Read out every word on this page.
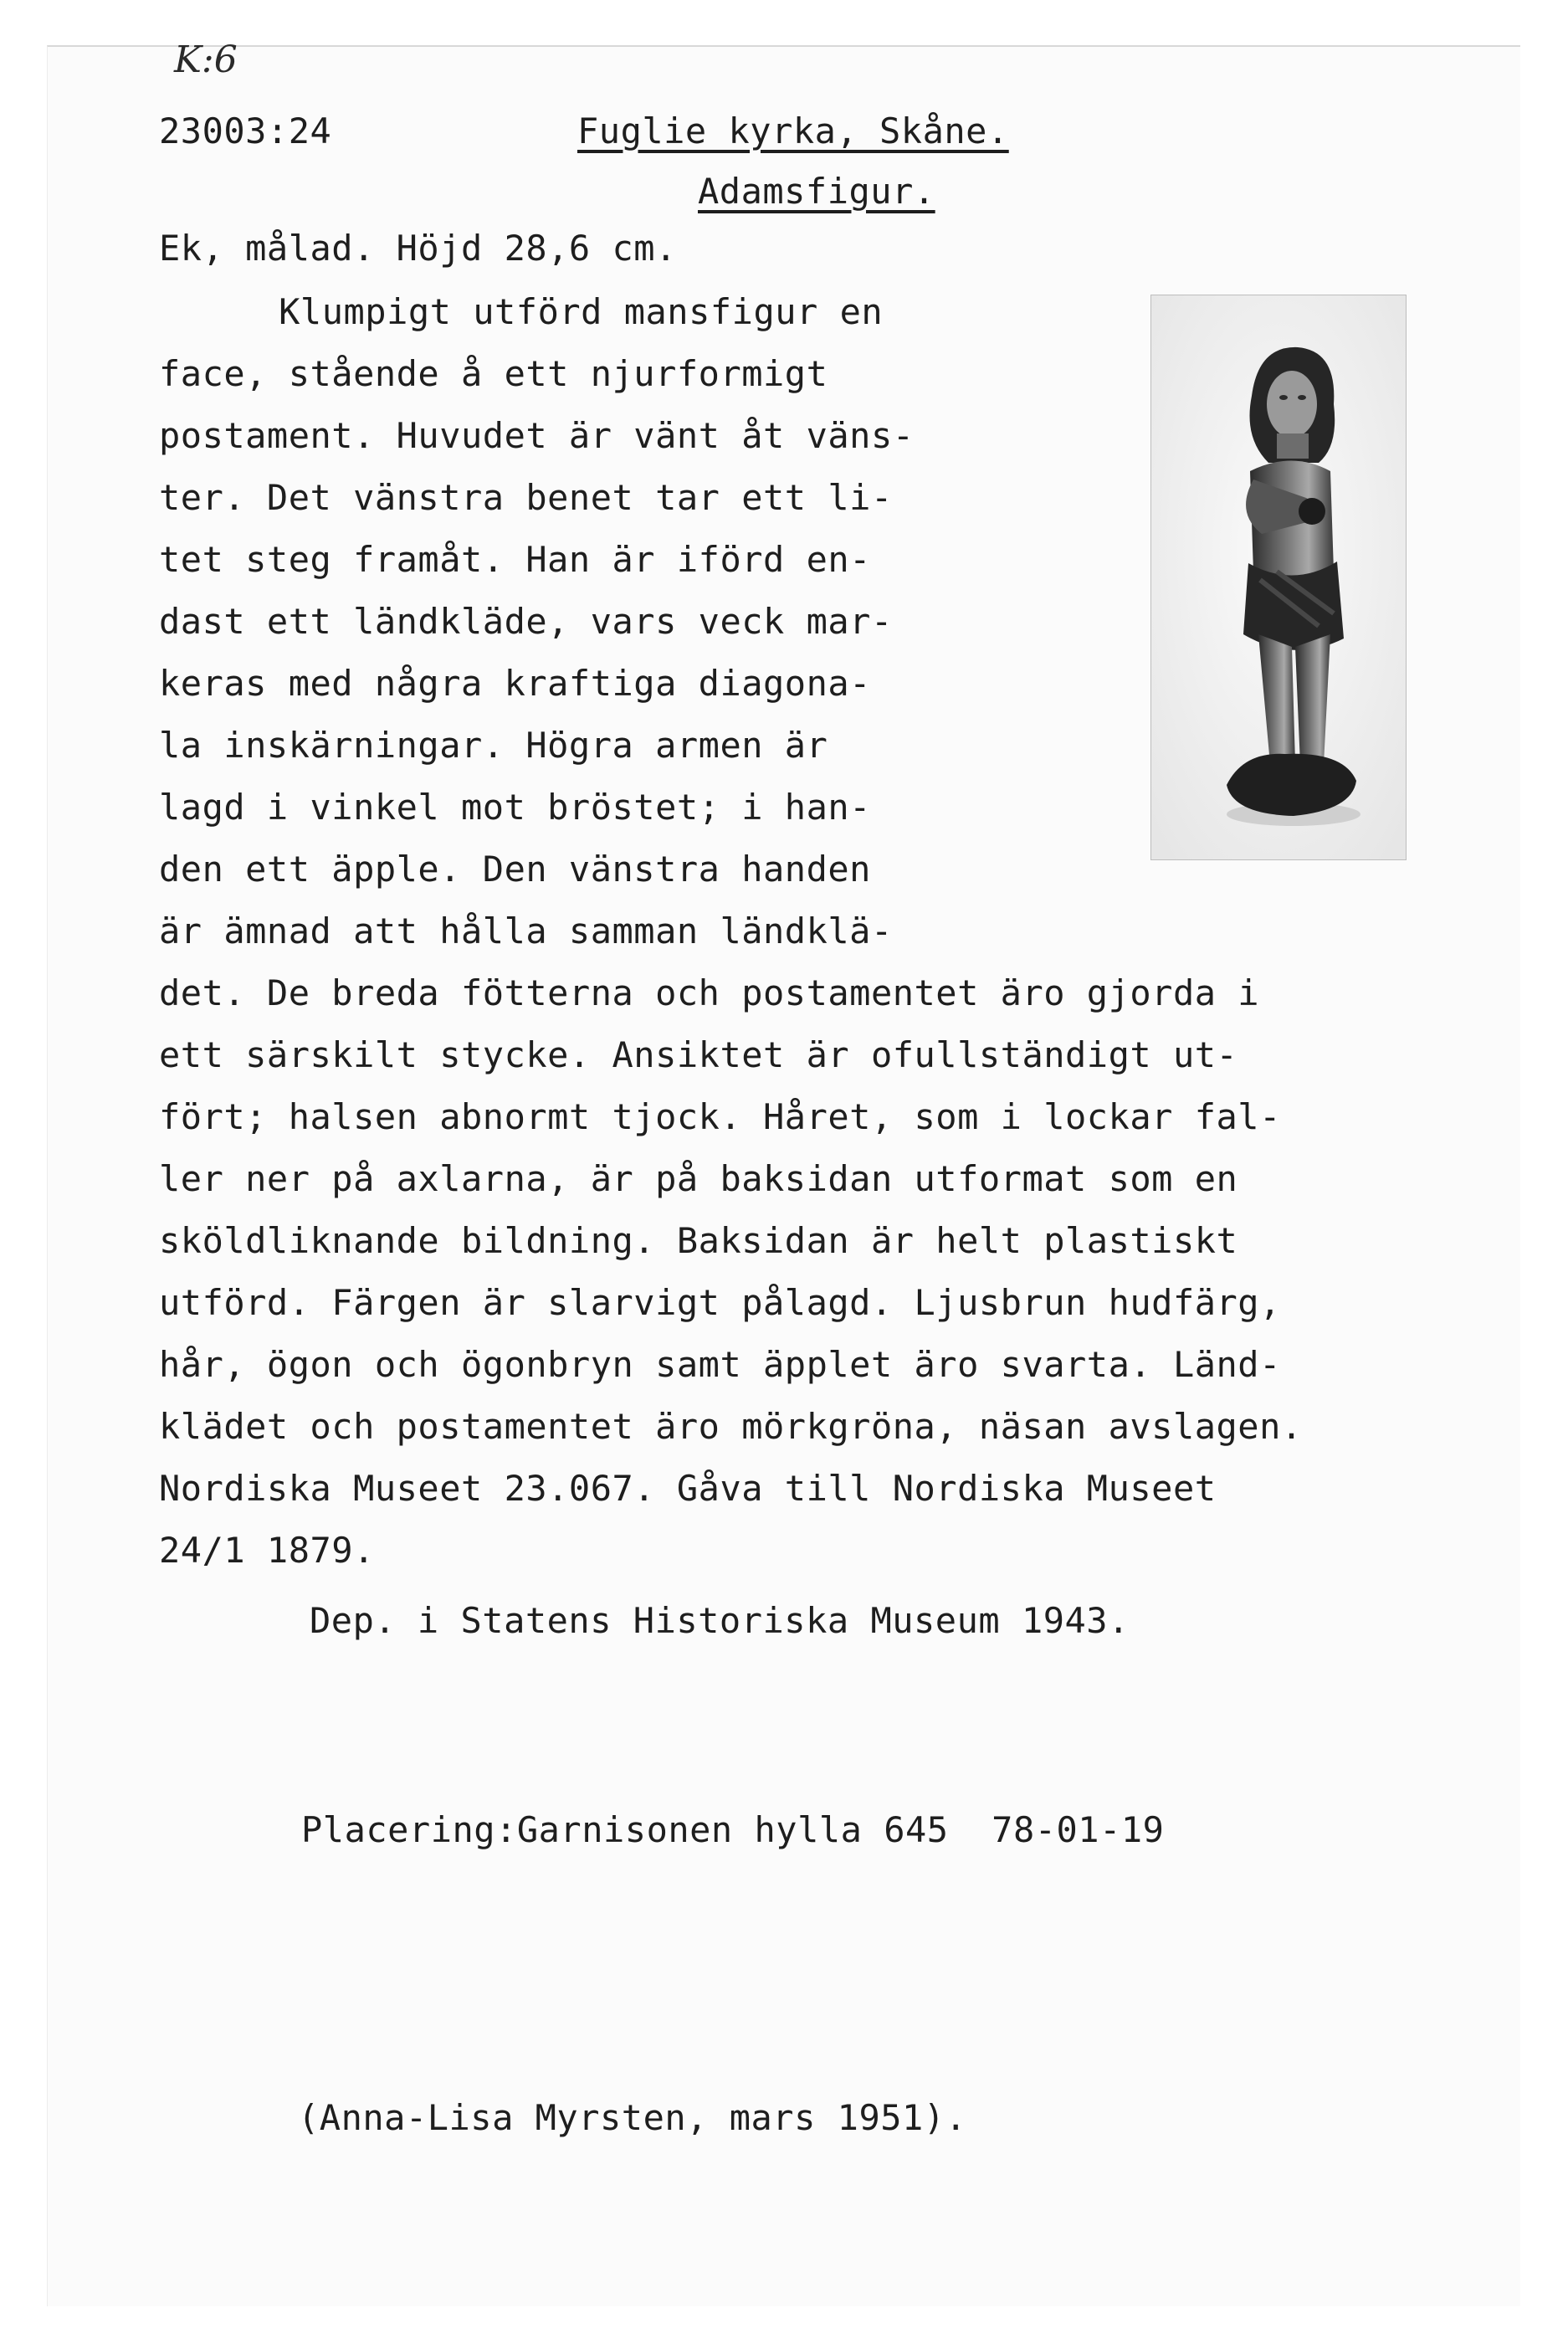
K:6
23003:24	Fuglie kyrka, Skåne.
Adamsfigur.
Ek, målad. Höjd 28,6 cm.
Klumpigt utförd mansfigur en
face, stående å ett njurformigt
postament. Huvudet är vänt åt väns-
ter. Det vänstra benet tar ett li-
tet steg framåt. Han är iförd en-
dast ett ländkläde, vars veck mar-
keras med några kraftiga diagona-
la inskärningar. Högra armen är
lagd i vinkel mot bröstet; i han-
den ett äpple. Den vänstra handen
är ämnad att hålla samman ländklä-
det. De breda fötterna och postamentet äro gjorda i
ett särskilt stycke. Ansiktet är ofullständigt ut-
fört; halsen abnormt tjock. Håret, som i lockar fal-
ler ner på axlarna, är på baksidan utformat som en
sköldliknande bildning. Baksidan är helt plastiskt
utförd. Färgen är slarvigt pålagd. Ljusbrun hudfärg,
hår, ögon och ögonbryn samt äpplet äro svarta. Länd-
klädet och postamentet äro mörkgröna, näsan avslagen.
Nordiska Museet 23.067. Gåva till Nordiska Museet
24/1 1879.
Dep. i Statens Historiska Museum 1943.
Placering:Garnisonen hylla 645  78-01-19
(Anna-Lisa Myrsten, mars 1951).
